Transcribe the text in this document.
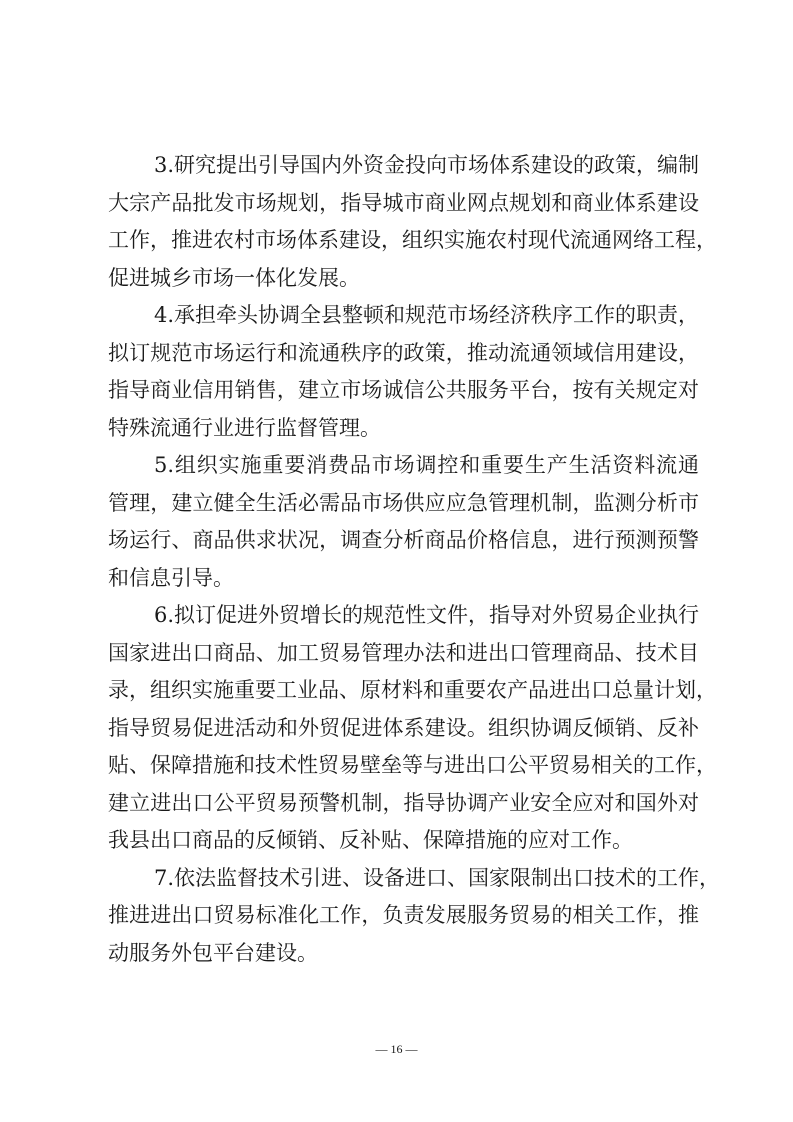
3.研究提出引导国内外资金投向市场体系建设的政策，编制
大宗产品批发市场规划，指导城市商业网点规划和商业体系建设
工作，推进农村市场体系建设，组织实施农村现代流通网络工程，
促进城乡市场一体化发展。
4.承担牵头协调全县整顿和规范市场经济秩序工作的职责，
拟订规范市场运行和流通秩序的政策，推动流通领域信用建设，
指导商业信用销售，建立市场诚信公共服务平台，按有关规定对
特殊流通行业进行监督管理。
5.组织实施重要消费品市场调控和重要生产生活资料流通
管理，建立健全生活必需品市场供应应急管理机制，监测分析市
场运行、商品供求状况，调查分析商品价格信息，进行预测预警
和信息引导。
6.拟订促进外贸增长的规范性文件，指导对外贸易企业执行
国家进出口商品、加工贸易管理办法和进出口管理商品、技术目
录，组织实施重要工业品、原材料和重要农产品进出口总量计划，
指导贸易促进活动和外贸促进体系建设。组织协调反倾销、反补
贴、保障措施和技术性贸易壁垒等与进出口公平贸易相关的工作，
建立进出口公平贸易预警机制，指导协调产业安全应对和国外对
我县出口商品的反倾销、反补贴、保障措施的应对工作。
7.依法监督技术引进、设备进口、国家限制出口技术的工作，
推进进出口贸易标准化工作，负责发展服务贸易的相关工作，推
动服务外包平台建设。
— 16 —
